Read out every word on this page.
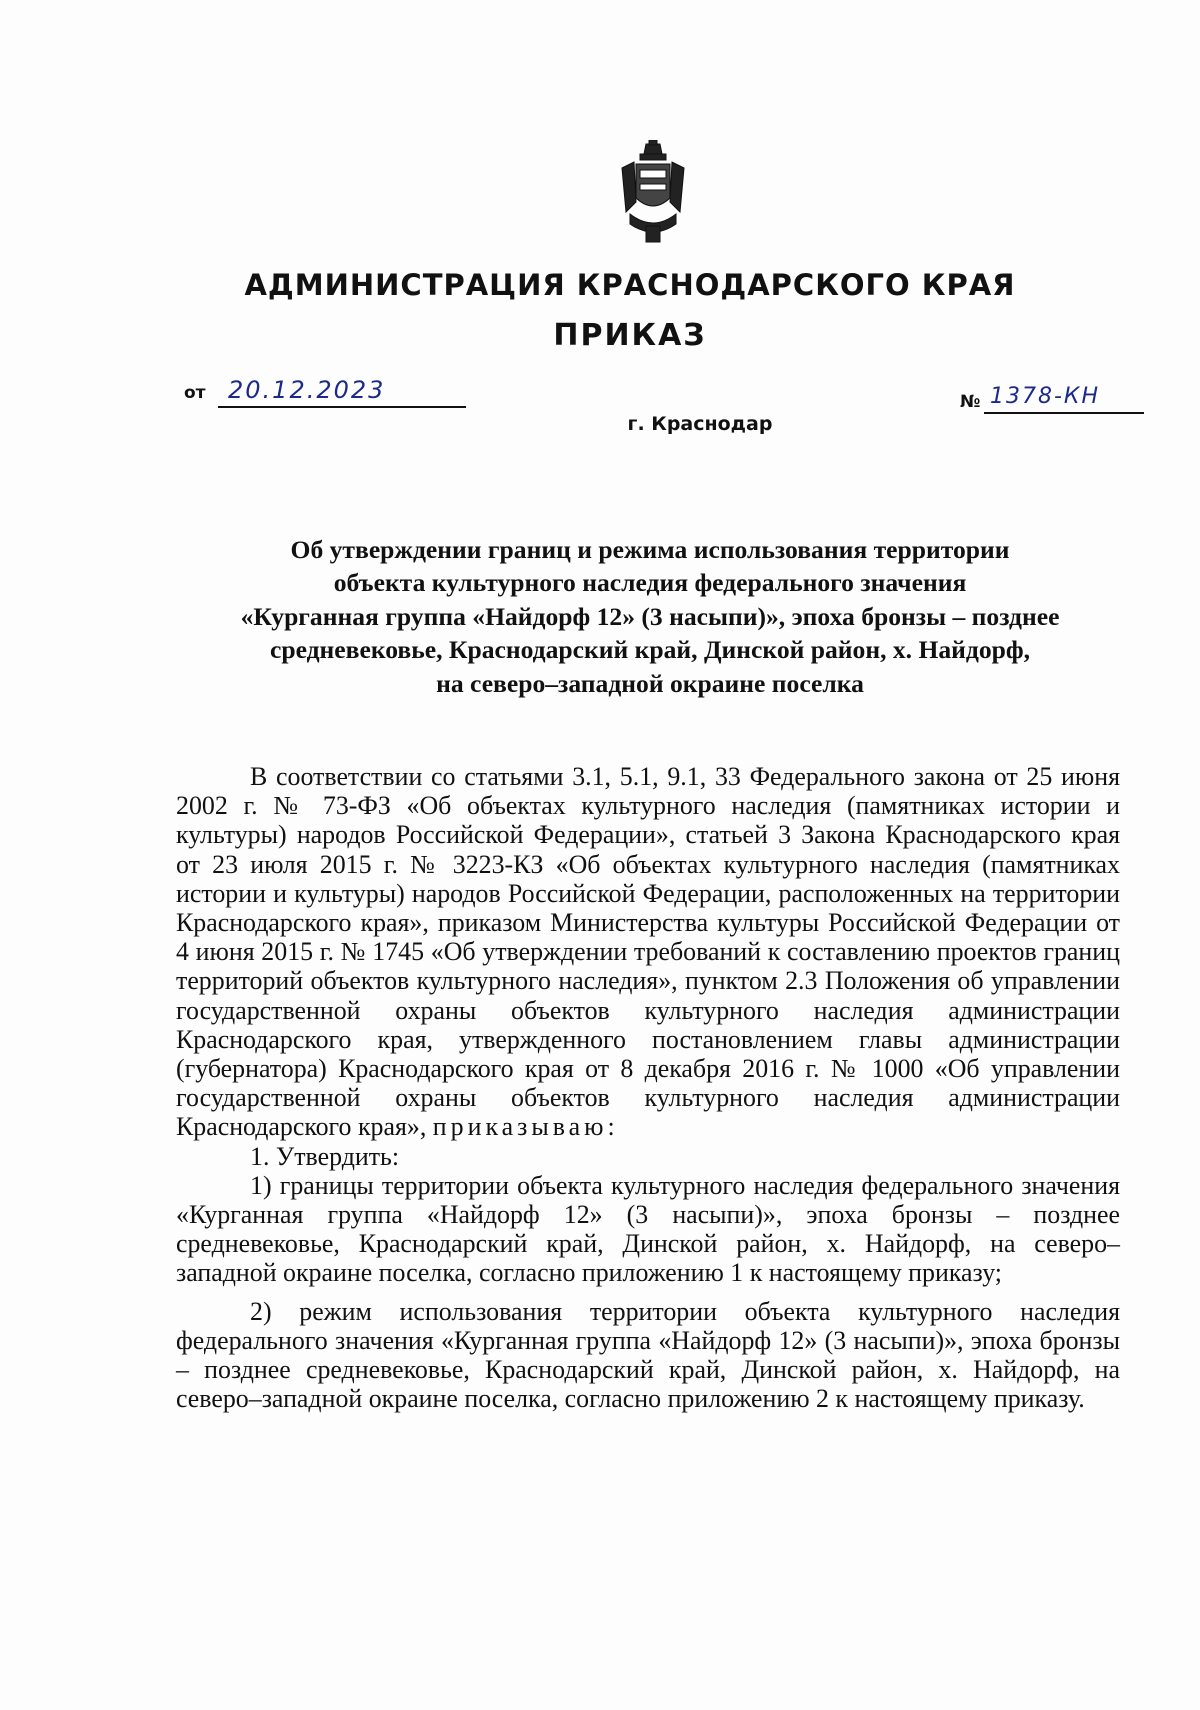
АДМИНИСТРАЦИЯ КРАСНОДАРСКОГО КРАЯ
ПРИКАЗ
от 20.12.2023	№ 1378-КН
г. Краснодар
Об утверждении границ и режима использования территории
объекта культурного наследия федерального значения
«Курганная группа «Найдорф 12» (3 насыпи)», эпоха бронзы – позднее
средневековье, Краснодарский край, Динской район, х. Найдорф,
на северо–западной окраине поселка

В соответствии со статьями 3.1, 5.1, 9.1, 33 Федерального закона от 25 июня 2002 г. № 73-ФЗ «Об объектах культурного наследия (памятниках истории и культуры) народов Российской Федерации», статьей 3 Закона Краснодарского края от 23 июля 2015 г. № 3223-КЗ «Об объектах культурного наследия (памятниках истории и культуры) народов Российской Федерации, расположенных на территории Краснодарского края», приказом Министерства культуры Российской Федерации от 4 июня 2015 г. № 1745 «Об утверждении требований к составлению проектов границ территорий объектов культурного наследия», пунктом 2.3 Положения об управлении государственной охраны объектов культурного наследия администрации Краснодарского края, утвержденного постановлением главы администрации (губернатора) Краснодарского края от 8 декабря 2016 г. № 1000 «Об управлении государственной охраны объектов культурного наследия администрации Краснодарского края», приказываю:

1. Утвердить:

1) границы территории объекта культурного наследия федерального значения «Курганная группа «Найдорф 12» (3 насыпи)», эпоха бронзы – позднее средневековье, Краснодарский край, Динской район, х. Найдорф, на северо–западной окраине поселка, согласно приложению 1 к настоящему приказу;

2) режим использования территории объекта культурного наследия федерального значения «Курганная группа «Найдорф 12» (3 насыпи)», эпоха бронзы – позднее средневековье, Краснодарский край, Динской район, х. Найдорф, на северо–западной окраине поселка, согласно приложению 2 к настоящему приказу.
